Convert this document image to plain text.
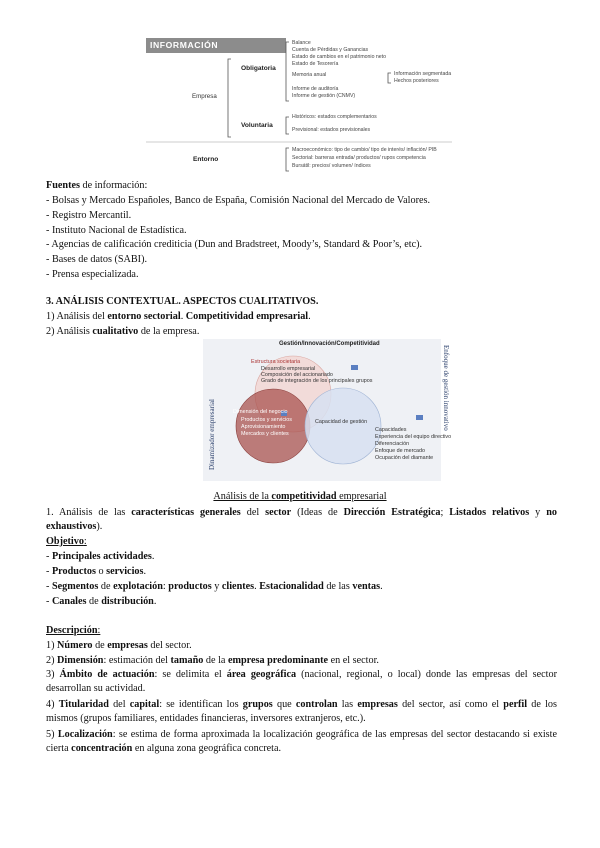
INFORMACIÓN CUANTITATIVA
Empresa
Obligatoria
Voluntaria
Entorno
Balance
Cuenta de Pérdidas y Ganancias
Estado de cambios en el patrimonio neto
Estado de Tesorería
Memoria anual
Informe de auditoría
Informe de gestión (CNMV)
Información segmentada
Hechos posteriores
Históricos: estados complementarios
Previsional: estados previsionales
Macroeconómico: tipo de cambio/ tipo de interés/ inflación/ PIB
Sectorial: barreras entrada/ productos/ rupos competencia
Bursátil: precios/ volumen/ índices
Fuentes de información:
- Bolsas y Mercado Españoles, Banco de España, Comisión Nacional del Mercado de Valores.
- Registro Mercantil.
- Instituto Nacional de Estadística.
- Agencias de calificación crediticia (Dun and Bradstreet, Moody’s, Standard & Poor’s, etc).
- Bases de datos (SABI).
- Prensa especializada.
3. ANÁLISIS CONTEXTUAL. ASPECTOS CUALITATIVOS.
1) Análisis del entorno sectorial. Competitividad empresarial.
2) Análisis cualitativo de la empresa.
Gestión/Innovación/Competitividad
Estructura societaria
Desarrollo empresarial
Composición del accionariado
Grado de integración de los principales grupos
Dimensión del negocio
Productos y servicios
Aprovisionamiento
Mercados y clientes
Capacidad de gestión
Capacidades
Experiencia del equipo directivo
Diferenciación
Enfoque de mercado
Ocupación del diamante
Dinamizador empresarial
Enfoque de gestión innovativo
Análisis de la competitividad empresarial
1. Análisis de las características generales del sector (Ideas de Dirección Estratégica; Listados relativos y no exhaustivos).
Objetivo:
- Principales actividades.
- Productos o servicios.
- Segmentos de explotación: productos y clientes. Estacionalidad de las ventas.
- Canales de distribución.
Descripción:
1) Número de empresas del sector.
2) Dimensión: estimación del tamaño de la empresa predominante en el sector.
3) Ámbito de actuación: se delimita el área geográfica (nacional, regional, o local) donde las empresas del sector desarrollan su actividad.
4) Titularidad del capital: se identifican los grupos que controlan las empresas del sector, así como el perfil de los mismos (grupos familiares, entidades financieras, inversores extranjeros, etc.).
5) Localización: se estima de forma aproximada la localización geográfica de las empresas del sector destacando si existe cierta concentración en alguna zona geográfica concreta.
